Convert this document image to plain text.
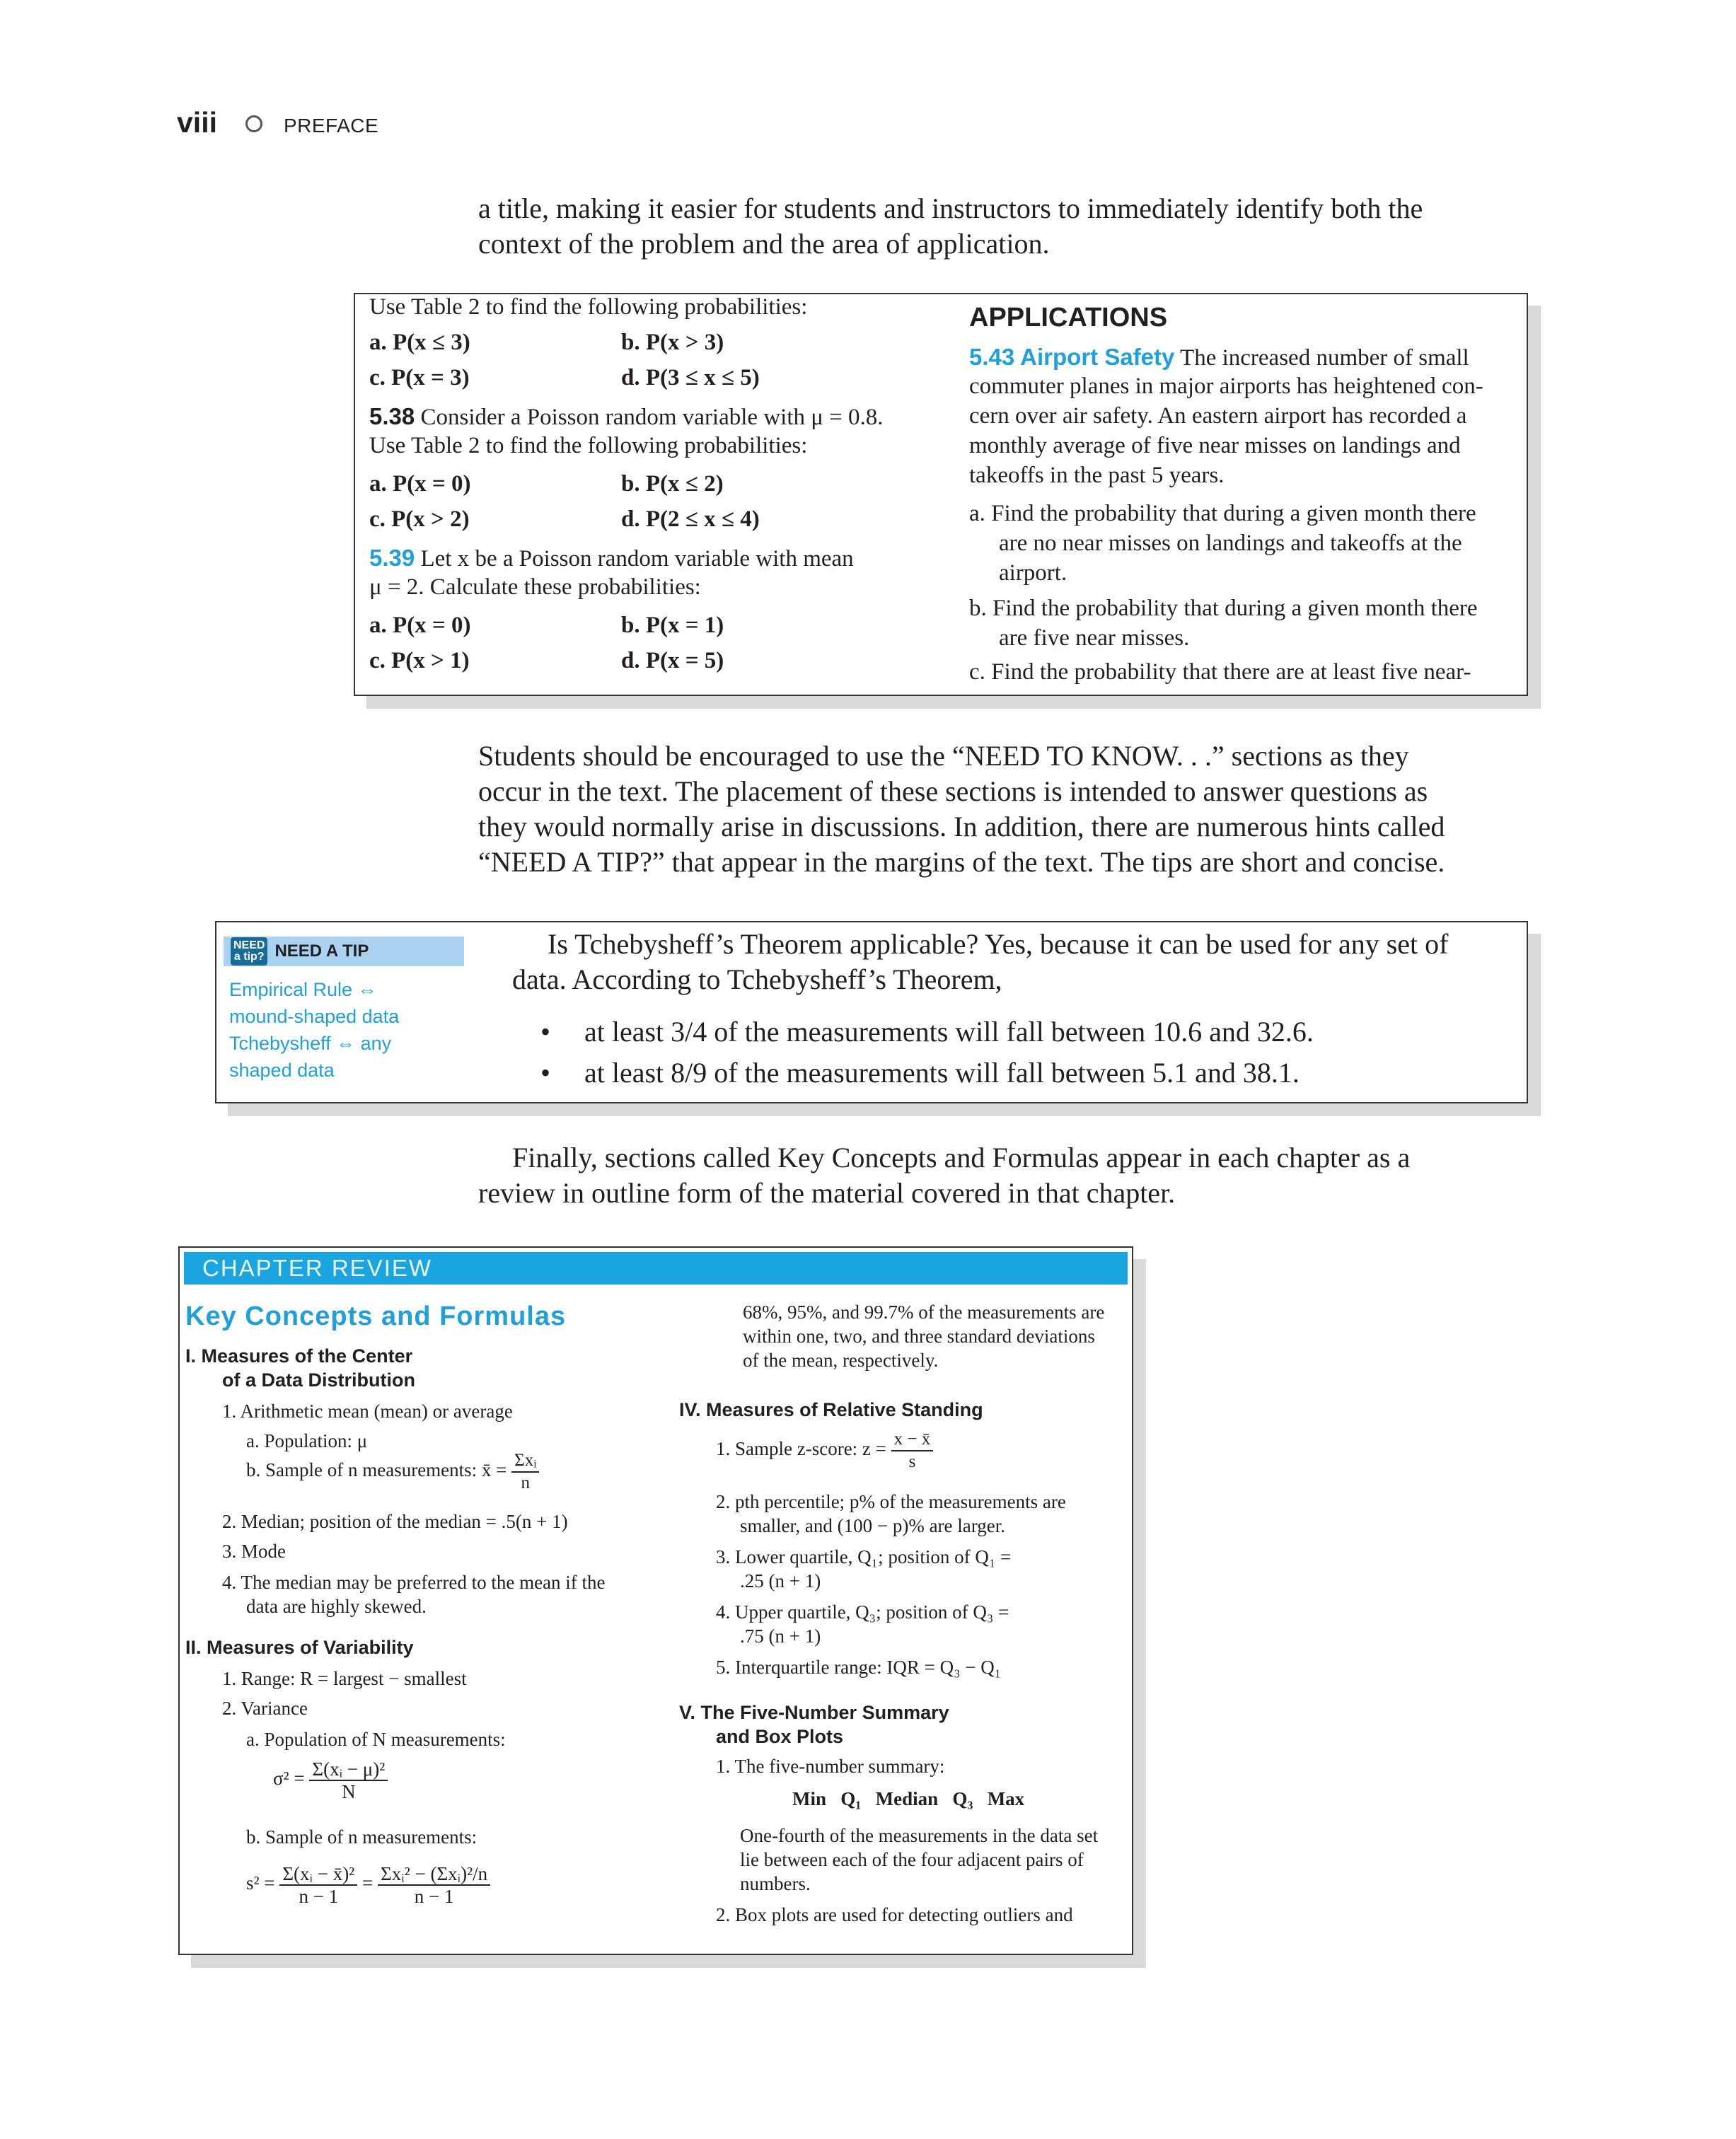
viii	PREFACE
a title, making it easier for students and instructors to immediately identify both the
context of the problem and the area of application.
Use Table 2 to find the following probabilities:
a. P(x ≤ 3)	b. P(x > 3)
c. P(x = 3)	d. P(3 ≤ x ≤ 5)
5.38 Consider a Poisson random variable with μ = 0.8.
Use Table 2 to find the following probabilities:
a. P(x = 0)	b. P(x ≤ 2)
c. P(x > 2)	d. P(2 ≤ x ≤ 4)
5.39 Let x be a Poisson random variable with mean
μ = 2. Calculate these probabilities:
a. P(x = 0)	b. P(x = 1)
c. P(x > 1)	d. P(x = 5)
APPLICATIONS
5.43 Airport Safety The increased number of small
commuter planes in major airports has heightened con-
cern over air safety. An eastern airport has recorded a
monthly average of five near misses on landings and
takeoffs in the past 5 years.
a. Find the probability that during a given month there
are no near misses on landings and takeoffs at the
airport.
b. Find the probability that during a given month there
are five near misses.
c. Find the probability that there are at least five near-
Students should be encouraged to use the “NEED TO KNOW. . .” sections as they
occur in the text. The placement of these sections is intended to answer questions as
they would normally arise in discussions. In addition, there are numerous hints called
“NEED A TIP?” that appear in the margins of the text. The tips are short and concise.
NEED
a tip? NEED A TIP
Empirical Rule ⇔
mound-shaped data
Tchebysheff ⇔ any
shaped data
Is Tchebysheff’s Theorem applicable? Yes, because it can be used for any set of
data. According to Tchebysheff’s Theorem,
•	at least 3/4 of the measurements will fall between 10.6 and 32.6.
•	at least 8/9 of the measurements will fall between 5.1 and 38.1.
Finally, sections called Key Concepts and Formulas appear in each chapter as a
review in outline form of the material covered in that chapter.
CHAPTER REVIEW
Key Concepts and Formulas
I. Measures of the Center
of a Data Distribution
1. Arithmetic mean (mean) or average
a. Population: μ
b. Sample of n measurements: x̄ = $\frac{\text{Σxᵢ}}{n}$
2. Median; position of the median = .5(n + 1)
3. Mode
4. The median may be preferred to the mean if the
data are highly skewed.
II. Measures of Variability
1. Range: R = largest − smallest
2. Variance
a. Population of N measurements:
$\sigma^2 = \frac{\text{Σ(xᵢ − μ)²}}{N}$
b. Sample of n measurements:
$s^2 = \frac{\text{Σ(xᵢ − x̄)²}}{n - 1} = \frac{\text{Σxᵢ² − (Σxᵢ)²/n}}{n - 1}$
68%, 95%, and 99.7% of the measurements are
within one, two, and three standard deviations
of the mean, respectively.
IV. Measures of Relative Standing
1. Sample z-score: $z = \frac{x - x̄}{s}$
2. pth percentile; p% of the measurements are
smaller, and (100 − p)% are larger.
3. Lower quartile, Q₁; position of Q₁ =
.25 (n + 1)
4. Upper quartile, Q₃; position of Q₃ =
.75 (n + 1)
5. Interquartile range: IQR = Q₃ − Q₁
V. The Five-Number Summary
and Box Plots
1. The five-number summary:
Min   Q₁   Median   Q₃   Max
One-fourth of the measurements in the data set
lie between each of the four adjacent pairs of
numbers.
2. Box plots are used for detecting outliers and
